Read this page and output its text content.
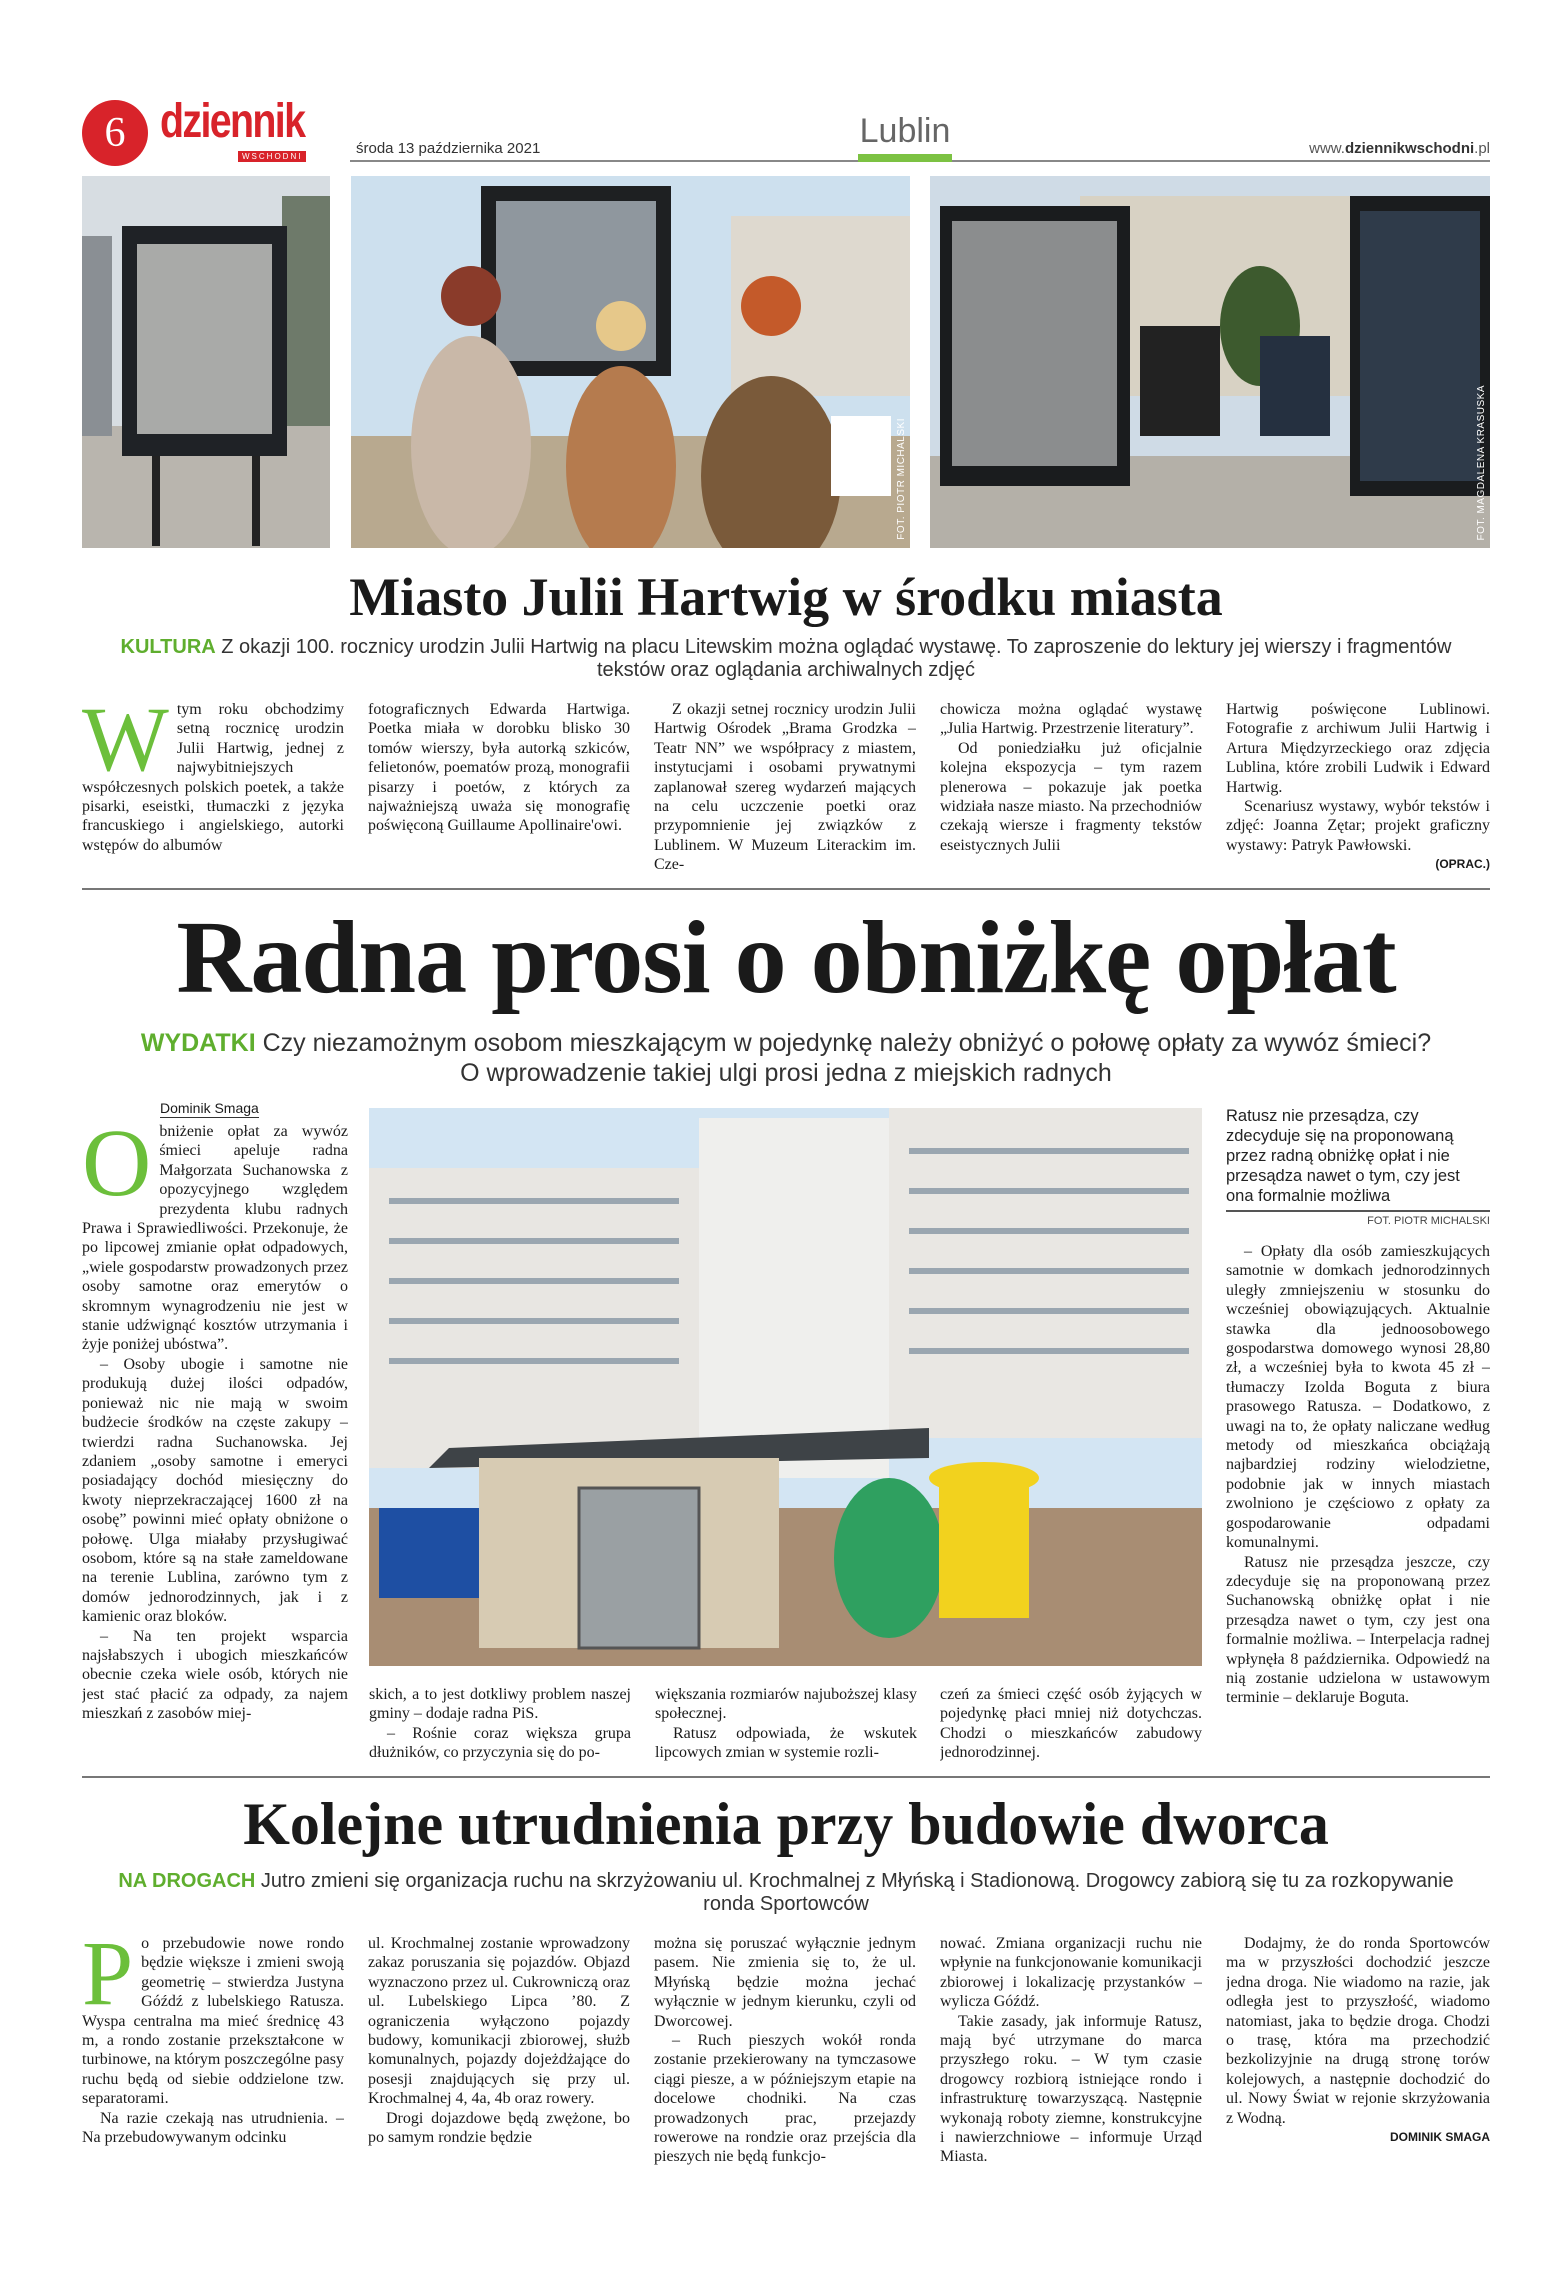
6 dziennik
WSCHODNI	środa 13 października 2021	Lublin	www.dziennikwschodni.pl
FOT. PIOTR MICHALSKI	FOT. MAGDALENA KRASUSKA
Miasto Julii Hartwig w środku miasta
KULTURA Z okazji 100. rocznicy urodzin Julii Hartwig na placu Litewskim można oglądać wystawę. To zaproszenie do lektury jej wierszy i fragmentów tekstów oraz oglądania archiwalnych zdjęć
W tym roku obchodzimy setną rocznicę urodzin Julii Hartwig, jednej z najwybitniejszych współczesnych polskich poetek, a także pisarki, eseistki, tłumaczki z języka francuskiego i angielskiego, autorki wstępów do albumów

fotograficznych Edwarda Hartwiga. Poetka miała w dorobku blisko 30 tomów wierszy, była autorką szkiców, felietonów, poematów prozą, monografii pisarzy i poetów, z których za najważniejszą uważa się monografię poświęconą Guillaume Apollinaire'owi.

Z okazji setnej rocznicy urodzin Julii Hartwig Ośrodek „Brama Grodzka – Teatr NN” we współpracy z miastem, instytucjami i osobami prywatnymi zaplanował szereg wydarzeń mających na celu uczczenie poetki oraz przypomnienie jej związków z Lublinem. W Muzeum Literackim im. Cze-

chowicza można oglądać wystawę „Julia Hartwig. Przestrzenie literatury”.

Od poniedziałku już oficjalnie kolejna ekspozycja – tym razem plenerowa – pokazuje jak poetka widziała nasze miasto. Na przechodniów czekają wiersze i fragmenty tekstów eseistycznych Julii

Hartwig poświęcone Lublinowi. Fotografie z archiwum Julii Hartwig i Artura Międzyrzeckiego oraz zdjęcia Lublina, które zrobili Ludwik i Edward Hartwig.

Scenariusz wystawy, wybór tekstów i zdjęć: Joanna Zętar; projekt graficzny wystawy: Patryk Pawłowski.

(OPRAC.)
Radna prosi o obniżkę opłat
WYDATKI Czy niezamożnym osobom mieszkającym w pojedynkę należy obniżyć o połowę opłaty za wywóz śmieci?
O wprowadzenie takiej ulgi prosi jedna z miejskich radnych
Dominik Smaga
O bniżenie opłat za wywóz śmieci apeluje radna Małgorzata Suchanowska z opozycyjnego względem prezydenta klubu radnych Prawa i Sprawiedliwości. Przekonuje, że po lipcowej zmianie opłat odpadowych, „wiele gospodarstw prowadzonych przez osoby samotne oraz emerytów o skromnym wynagrodzeniu nie jest w stanie udźwignąć kosztów utrzymania i żyje poniżej ubóstwa”.

– Osoby ubogie i samotne nie produkują dużej ilości odpadów, ponieważ nic nie mają w swoim budżecie środków na częste zakupy – twierdzi radna Suchanowska. Jej zdaniem „osoby samotne i emeryci posiadający dochód miesięczny do kwoty nieprzekraczającej 1600 zł na osobę” powinni mieć opłaty obniżone o połowę. Ulga miałaby przysługiwać osobom, które są na stałe zameldowane na terenie Lublina, zarówno tym z domów jednorodzinnych, jak i z kamienic oraz bloków.

– Na ten projekt wsparcia najsłabszych i ubogich mieszkańców obecnie czeka wiele osób, których nie jest stać płacić za odpady, za najem mieszkań z zasobów miej-

skich, a to jest dotkliwy problem naszej gminy – dodaje radna PiS.

– Rośnie coraz większa grupa dłużników, co przyczynia się do po-

większania rozmiarów najuboższej klasy społecznej.

Ratusz odpowiada, że wskutek lipcowych zmian w systemie rozli-

czeń za śmieci część osób żyjących w pojedynkę płaci mniej niż dotychczas. Chodzi o mieszkańców zabudowy jednorodzinnej.

Ratusz nie przesądza, czy zdecyduje się na proponowaną przez radną obniżkę opłat i nie przesądza nawet o tym, czy jest ona formalnie możliwa
FOT. PIOTR MICHALSKI

– Opłaty dla osób zamieszkujących samotnie w domkach jednorodzinnych uległy zmniejszeniu w stosunku do wcześniej obowiązujących. Aktualnie stawka dla jednoosobowego gospodarstwa domowego wynosi 28,80 zł, a wcześniej była to kwota 45 zł – tłumaczy Izolda Boguta z biura prasowego Ratusza. – Dodatkowo, z uwagi na to, że opłaty naliczane według metody od mieszkańca obciążają najbardziej rodziny wielodzietne, podobnie jak w innych miastach zwolniono je częściowo z opłaty za gospodarowanie odpadami komunalnymi.

Ratusz nie przesądza jeszcze, czy zdecyduje się na proponowaną przez Suchanowską obniżkę opłat i nie przesądza nawet o tym, czy jest ona formalnie możliwa. – Interpelacja radnej wpłynęła 8 października. Odpowiedź na nią zostanie udzielona w ustawowym terminie – deklaruje Boguta.

Kolejne utrudnienia przy budowie dworca
NA DROGACH Jutro zmieni się organizacja ruchu na skrzyżowaniu ul. Krochmalnej z Młyńską i Stadionową. Drogowcy zabiorą się tu za rozkopywanie ronda Sportowców
P o przebudowie nowe rondo będzie większe i zmieni swoją geometrię – stwierdza Justyna Góźdź z lubelskiego Ratusza. Wyspa centralna ma mieć średnicę 43 m, a rondo zostanie przekształcone w turbinowe, na którym poszczególne pasy ruchu będą od siebie oddzielone tzw. separatorami.

Na razie czekają nas utrudnienia. – Na przebudowywanym odcinku

ul. Krochmalnej zostanie wprowadzony zakaz poruszania się pojazdów. Objazd wyznaczono przez ul. Cukrowniczą oraz ul. Lubelskiego Lipca ’80. Z ograniczenia wyłączono pojazdy budowy, komunikacji zbiorowej, służb komunalnych, pojazdy dojeżdżające do posesji znajdujących się przy ul. Krochmalnej 4, 4a, 4b oraz rowery.

Drogi dojazdowe będą zwężone, bo po samym rondzie będzie

można się poruszać wyłącznie jednym pasem. Nie zmienia się to, że ul. Młyńską będzie można jechać wyłącznie w jednym kierunku, czyli od Dworcowej.

– Ruch pieszych wokół ronda zostanie przekierowany na tymczasowe ciągi piesze, a w późniejszym etapie na docelowe chodniki. Na czas prowadzonych prac, przejazdy rowerowe na rondzie oraz przejścia dla pieszych nie będą funkcjo-

nować. Zmiana organizacji ruchu nie wpłynie na funkcjonowanie komunikacji zbiorowej i lokalizację przystanków – wylicza Góźdź.

Takie zasady, jak informuje Ratusz, mają być utrzymane do marca przyszłego roku. – W tym czasie drogowcy rozbiorą istniejące rondo i infrastrukturę towarzyszącą. Następnie wykonają roboty ziemne, konstrukcyjne i nawierzchniowe – informuje Urząd Miasta.

Dodajmy, że do ronda Sportowców ma w przyszłości dochodzić jeszcze jedna droga. Nie wiadomo na razie, jak odległa jest to przyszłość, wiadomo natomiast, jaka to będzie droga. Chodzi o trasę, która ma przechodzić bezkolizyjnie na drugą stronę torów kolejowych, a następnie dochodzić do ul. Nowy Świat w rejonie skrzyżowania z Wodną.

DOMINIK SMAGA
